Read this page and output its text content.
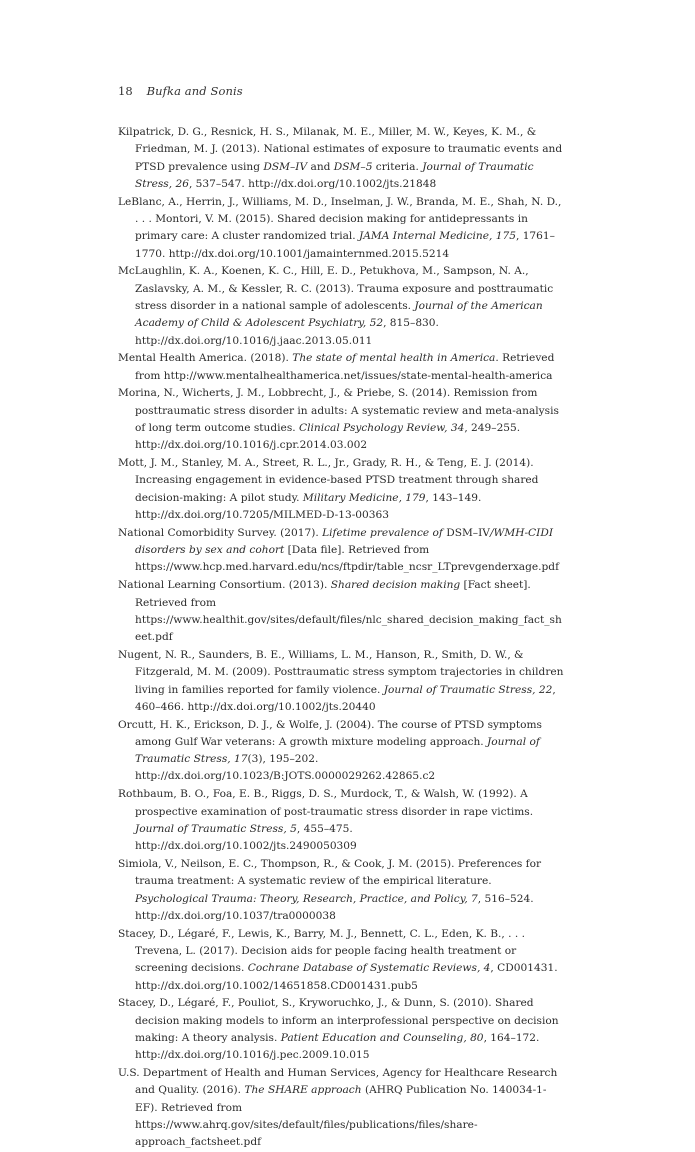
18 Bufka and Sonis

Kilpatrick, D. G., Resnick, H. S., Milanak, M. E., Miller, M. W., Keyes, K. M., & Friedman, M. J. (2013). National estimates of exposure to traumatic events and PTSD prevalence using DSM–IV and DSM–5 criteria. Journal of Traumatic Stress, 26, 537–547. http://dx.doi.org/10.1002/jts.21848

LeBlanc, A., Herrin, J., Williams, M. D., Inselman, J. W., Branda, M. E., Shah, N. D., . . . Montori, V. M. (2015). Shared decision making for antidepressants in primary care: A cluster randomized trial. JAMA Internal Medicine, 175, 1761–1770. http://dx.doi.org/10.1001/jamainternmed.2015.5214

McLaughlin, K. A., Koenen, K. C., Hill, E. D., Petukhova, M., Sampson, N. A., Zaslavsky, A. M., & Kessler, R. C. (2013). Trauma exposure and posttraumatic stress disorder in a national sample of adolescents. Journal of the American Academy of Child & Adolescent Psychiatry, 52, 815–830. http://dx.doi.org/10.1016/j.jaac.2013.05.011

Mental Health America. (2018). The state of mental health in America. Retrieved from http://www.mentalhealthamerica.net/issues/state-mental-health-america

Morina, N., Wicherts, J. M., Lobbrecht, J., & Priebe, S. (2014). Remission from posttraumatic stress disorder in adults: A systematic review and meta-analysis of long term outcome studies. Clinical Psychology Review, 34, 249–255. http://dx.doi.org/10.1016/j.cpr.2014.03.002

Mott, J. M., Stanley, M. A., Street, R. L., Jr., Grady, R. H., & Teng, E. J. (2014). Increasing engagement in evidence-based PTSD treatment through shared decision-making: A pilot study. Military Medicine, 179, 143–149. http://dx.doi.org/10.7205/MILMED-D-13-00363

National Comorbidity Survey. (2017). Lifetime prevalence of DSM–IV/WMH-CIDI disorders by sex and cohort [Data file]. Retrieved from https://www.hcp.med.harvard.edu/ncs/ftpdir/table_ncsr_LTprevgenderxage.pdf

National Learning Consortium. (2013). Shared decision making [Fact sheet]. Retrieved from https://www.healthit.gov/sites/default/files/nlc_shared_decision_making_fact_sheet.pdf

Nugent, N. R., Saunders, B. E., Williams, L. M., Hanson, R., Smith, D. W., & Fitzgerald, M. M. (2009). Posttraumatic stress symptom trajectories in children living in families reported for family violence. Journal of Traumatic Stress, 22, 460–466. http://dx.doi.org/10.1002/jts.20440

Orcutt, H. K., Erickson, D. J., & Wolfe, J. (2004). The course of PTSD symptoms among Gulf War veterans: A growth mixture modeling approach. Journal of Traumatic Stress, 17(3), 195–202. http://dx.doi.org/10.1023/B:JOTS.0000029262.42865.c2

Rothbaum, B. O., Foa, E. B., Riggs, D. S., Murdock, T., & Walsh, W. (1992). A prospective examination of post-traumatic stress disorder in rape victims. Journal of Traumatic Stress, 5, 455–475. http://dx.doi.org/10.1002/jts.2490050309

Simiola, V., Neilson, E. C., Thompson, R., & Cook, J. M. (2015). Preferences for trauma treatment: A systematic review of the empirical literature. Psychological Trauma: Theory, Research, Practice, and Policy, 7, 516–524. http://dx.doi.org/10.1037/tra0000038

Stacey, D., Légaré, F., Lewis, K., Barry, M. J., Bennett, C. L., Eden, K. B., . . . Trevena, L. (2017). Decision aids for people facing health treatment or screening decisions. Cochrane Database of Systematic Reviews, 4, CD001431. http://dx.doi.org/10.1002/14651858.CD001431.pub5

Stacey, D., Légaré, F., Pouliot, S., Kryworuchko, J., & Dunn, S. (2010). Shared decision making models to inform an interprofessional perspective on decision making: A theory analysis. Patient Education and Counseling, 80, 164–172. http://dx.doi.org/10.1016/j.pec.2009.10.015

U.S. Department of Health and Human Services, Agency for Healthcare Research and Quality. (2016). The SHARE approach (AHRQ Publication No. 140034-1-EF). Retrieved from https://www.ahrq.gov/sites/default/files/publications/files/share-approach_factsheet.pdf
